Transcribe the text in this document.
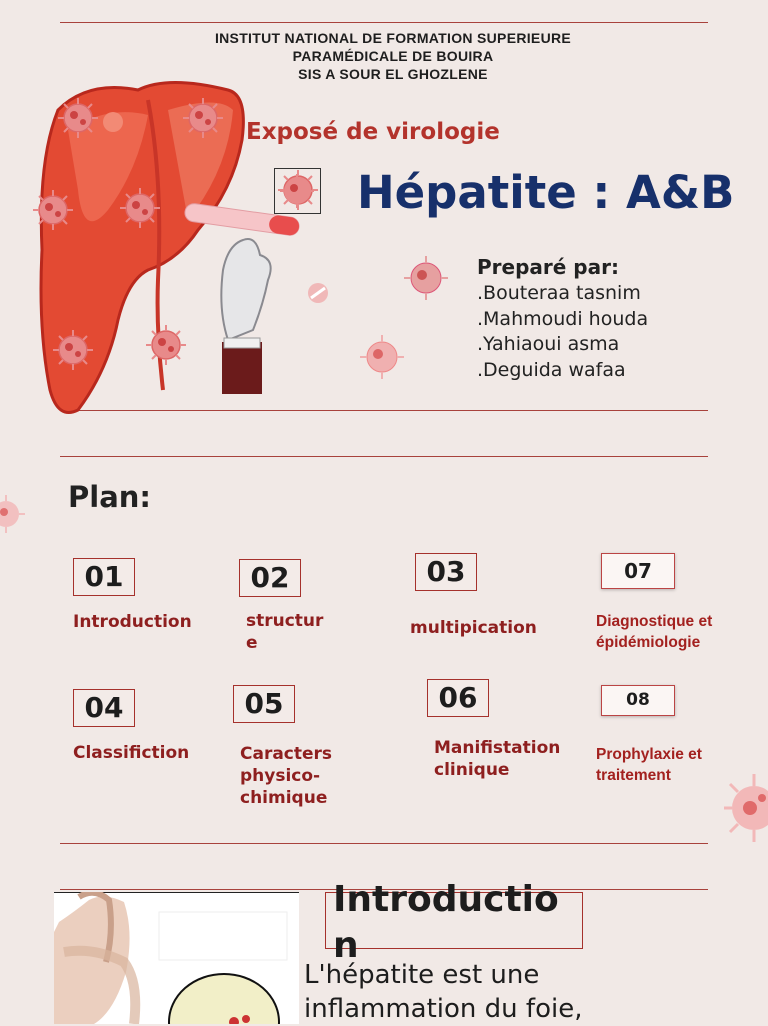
INSTITUT NATIONAL DE FORMATION SUPERIEURE
PARAMÉDICALE DE BOUIRA
SIS A SOUR EL GHOZLENE
Exposé de virologie
Hépatite : A&B
Preparé par:
.Bouteraa tasnim
.Mahmoudi houda
.Yahiaoui asma
.Deguida wafaa
Plan:
01
Introduction
02
structur
e
03
multipication
07
Diagnostique et
épidémiologie
04
Classifiction
05
Caracters
physico-
chimique
06
Manifistation
clinique
08
Prophylaxie et
traitement
Introduction
L'hépatite est une
inflammation du foie,
